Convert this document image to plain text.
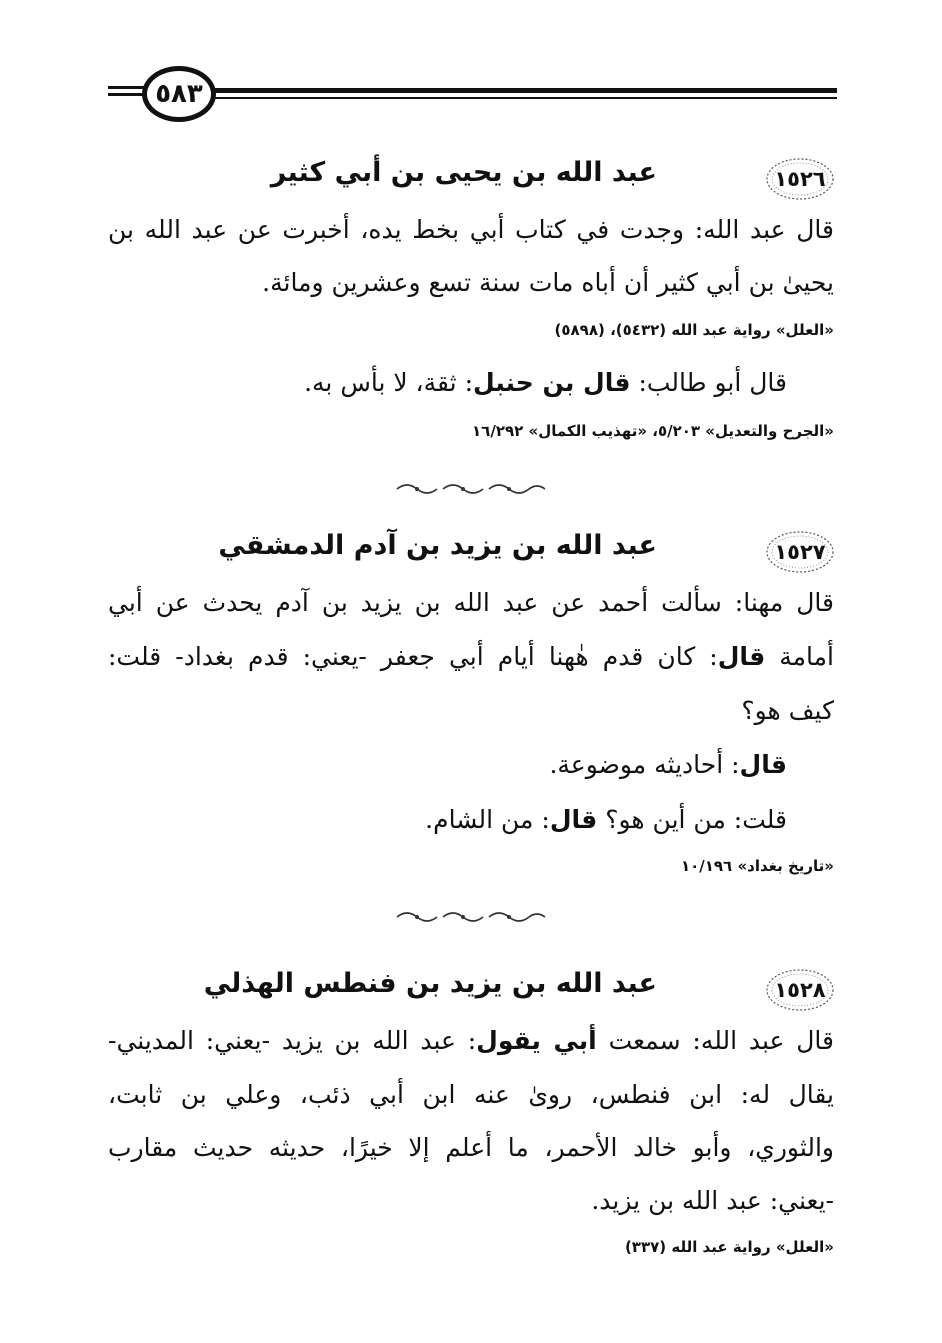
٥٨٣
١٥٢٦
عبد الله بن يحيى بن أبي كثير
قال عبد الله: وجدت في كتاب أبي بخط يده، أخبرت عن عبد الله بن
يحيىٰ بن أبي كثير أن أباه مات سنة تسع وعشرين ومائة.
«العلل» رواية عبد الله (٥٤٣٢)، (٥٨٩٨)
قال أبو طالب: قال بن حنبل: ثقة، لا بأس به.
«الجرح والتعديل» ٥/٢٠٣، «تهذيب الكمال» ١٦/٢٩٢
١٥٢٧
عبد الله بن يزيد بن آدم الدمشقي
قال مهنا: سألت أحمد عن عبد الله بن يزيد بن آدم يحدث عن أبي
أمامة قال: كان قدم هٰهنا أيام أبي جعفر -يعني: قدم بغداد- قلت:
كيف هو؟
قال: أحاديثه موضوعة.
قلت: من أين هو؟ قال: من الشام.
«تاريخ بغداد» ١٠/١٩٦
١٥٢٨
عبد الله بن يزيد بن فنطس الهذلي
قال عبد الله: سمعت أبي يقول: عبد الله بن يزيد -يعني: المديني-
يقال له: ابن فنطس، روىٰ عنه ابن أبي ذئب، وعلي بن ثابت،
والثوري، وأبو خالد الأحمر، ما أعلم إلا خيرًا، حديثه حديث مقارب
-يعني: عبد الله بن يزيد.
«العلل» رواية عبد الله (٣٣٧)
